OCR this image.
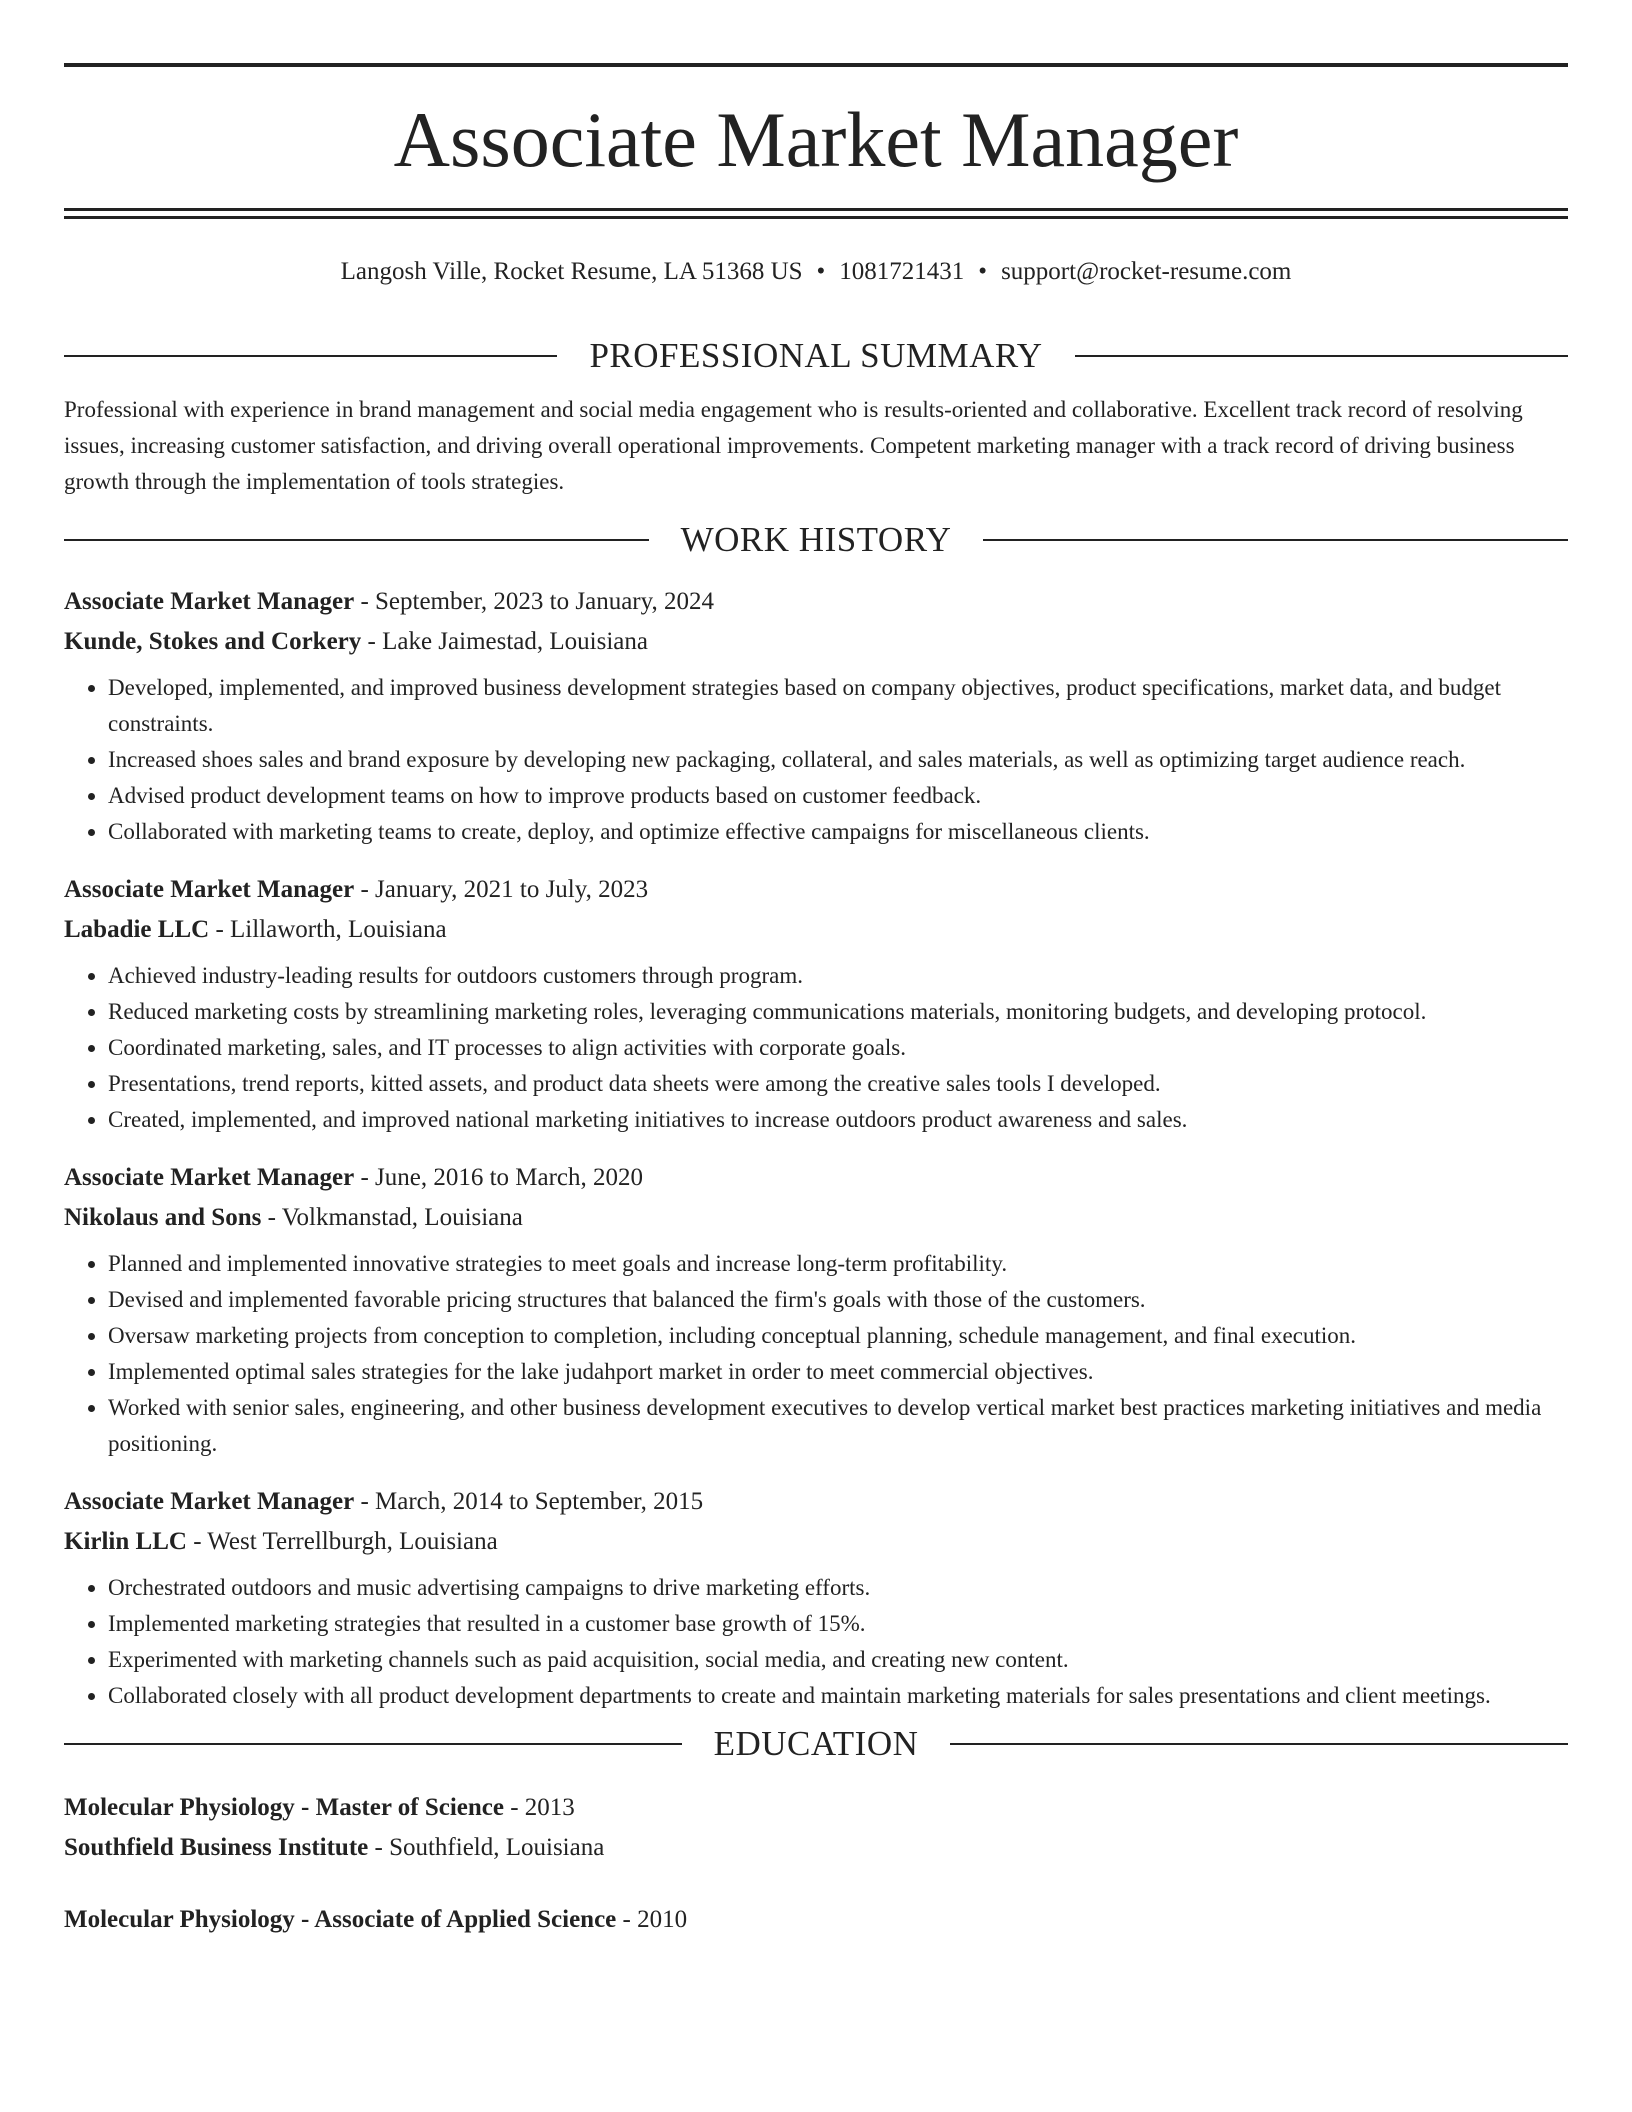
Associate Market Manager
Langosh Ville, Rocket Resume, LA 51368 US • 1081721431 • support@rocket-resume.com
PROFESSIONAL SUMMARY

Professional with experience in brand management and social media engagement who is results-oriented and collaborative. Excellent track record of resolving issues, increasing customer satisfaction, and driving overall operational improvements. Competent marketing manager with a track record of driving business growth through the implementation of tools strategies.

WORK HISTORY
Associate Market Manager - September, 2023 to January, 2024
Kunde, Stokes and Corkery - Lake Jaimestad, Louisiana
• Developed, implemented, and improved business development strategies based on company objectives, product specifications, market data, and budget constraints.
• Increased shoes sales and brand exposure by developing new packaging, collateral, and sales materials, as well as optimizing target audience reach.
• Advised product development teams on how to improve products based on customer feedback.
• Collaborated with marketing teams to create, deploy, and optimize effective campaigns for miscellaneous clients.
Associate Market Manager - January, 2021 to July, 2023
Labadie LLC - Lillaworth, Louisiana
• Achieved industry-leading results for outdoors customers through program.
• Reduced marketing costs by streamlining marketing roles, leveraging communications materials, monitoring budgets, and developing protocol.
• Coordinated marketing, sales, and IT processes to align activities with corporate goals.
• Presentations, trend reports, kitted assets, and product data sheets were among the creative sales tools I developed.
• Created, implemented, and improved national marketing initiatives to increase outdoors product awareness and sales.
Associate Market Manager - June, 2016 to March, 2020
Nikolaus and Sons - Volkmanstad, Louisiana
• Planned and implemented innovative strategies to meet goals and increase long-term profitability.
• Devised and implemented favorable pricing structures that balanced the firm's goals with those of the customers.
• Oversaw marketing projects from conception to completion, including conceptual planning, schedule management, and final execution.
• Implemented optimal sales strategies for the lake judahport market in order to meet commercial objectives.
• Worked with senior sales, engineering, and other business development executives to develop vertical market best practices marketing initiatives and media positioning.
Associate Market Manager - March, 2014 to September, 2015
Kirlin LLC - West Terrellburgh, Louisiana
• Orchestrated outdoors and music advertising campaigns to drive marketing efforts.
• Implemented marketing strategies that resulted in a customer base growth of 15%.
• Experimented with marketing channels such as paid acquisition, social media, and creating new content.
• Collaborated closely with all product development departments to create and maintain marketing materials for sales presentations and client meetings.
EDUCATION
Molecular Physiology - Master of Science - 2013
Southfield Business Institute - Southfield, Louisiana
Molecular Physiology - Associate of Applied Science - 2010
